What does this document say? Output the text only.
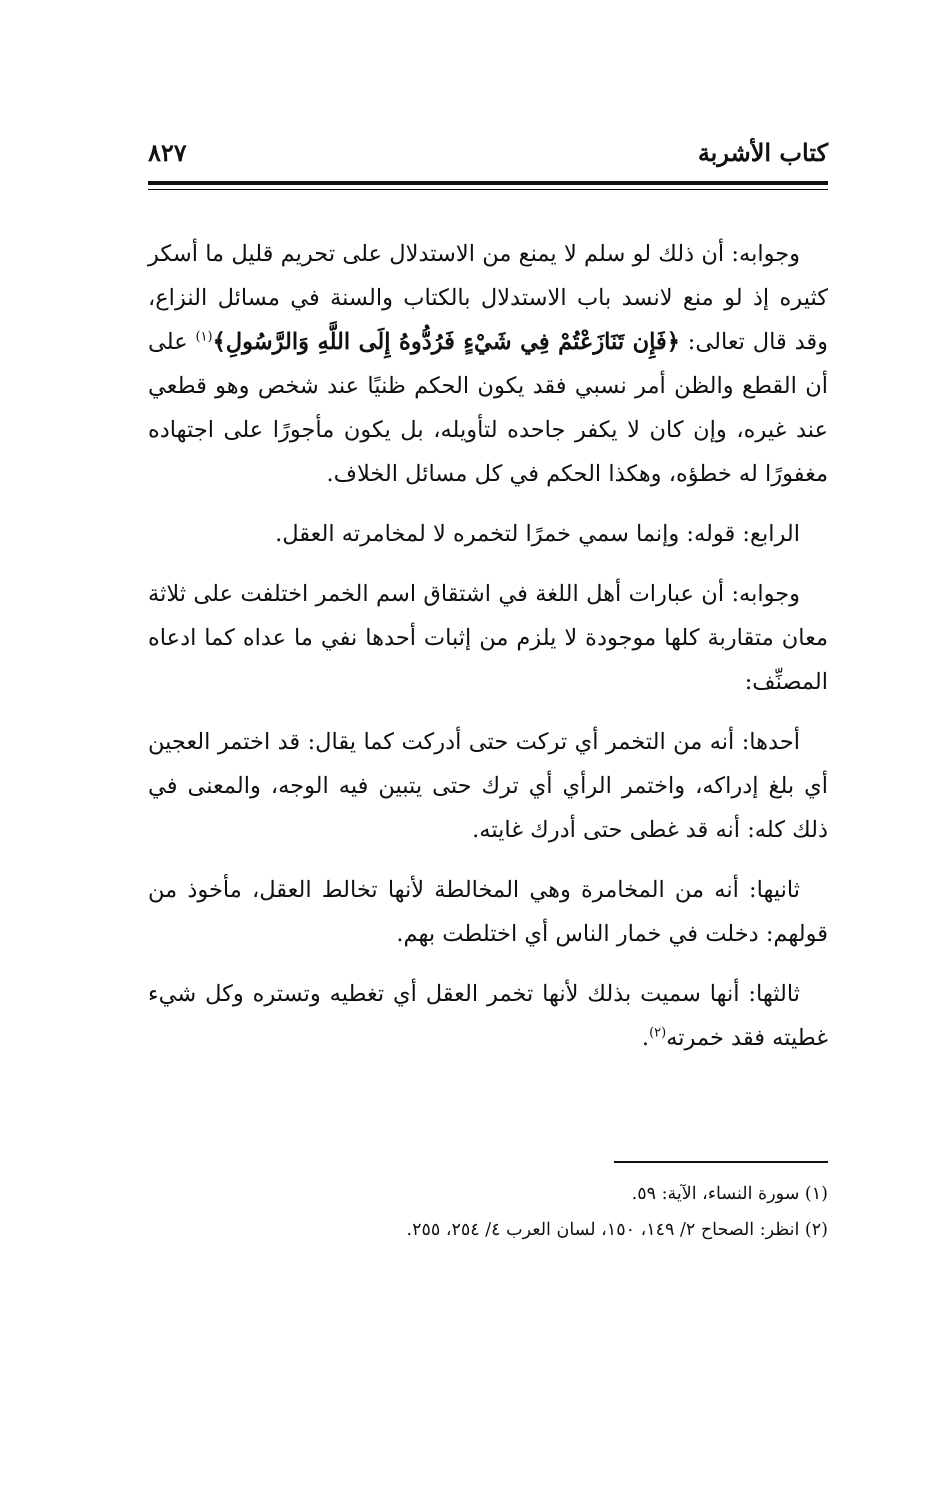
كتاب الأشربة
٨٢٧

وجوابه: أن ذلك لو سلم لا يمنع من الاستدلال على تحريم قليل ما أسكر كثيره إذ لو منع لانسد باب الاستدلال بالكتاب والسنة في مسائل النزاع، وقد قال تعالى: ﴿فَإِن تَنَازَعْتُمْ فِي شَيْءٍ فَرُدُّوهُ إِلَى اللَّهِ وَالرَّسُولِ﴾$^{(١)}$ على أن القطع والظن أمر نسبي فقد يكون الحكم ظنيًا عند شخص وهو قطعي عند غيره، وإن كان لا يكفر جاحده لتأويله، بل يكون مأجورًا على اجتهاده مغفورًا له خطؤه، وهكذا الحكم في كل مسائل الخلاف.

الرابع: قوله: وإنما سمي خمرًا لتخمره لا لمخامرته العقل.

وجوابه: أن عبارات أهل اللغة في اشتقاق اسم الخمر اختلفت على ثلاثة معان متقاربة كلها موجودة لا يلزم من إثبات أحدها نفي ما عداه كما ادعاه المصنِّف:

أحدها: أنه من التخمر أي تركت حتى أدركت كما يقال: قد اختمر العجين أي بلغ إدراكه، واختمر الرأي أي ترك حتى يتبين فيه الوجه، والمعنى في ذلك كله: أنه قد غطى حتى أدرك غايته.

ثانيها: أنه من المخامرة وهي المخالطة لأنها تخالط العقل، مأخوذ من قولهم: دخلت في خمار الناس أي اختلطت بهم.

ثالثها: أنها سميت بذلك لأنها تخمر العقل أي تغطيه وتستره وكل شيء غطيته فقد خمرته$^{(٢)}$.

(١) سورة النساء، الآية: ٥٩.

(٢) انظر: الصحاح ٢/ ١٤٩، ١٥٠، لسان العرب ٤/ ٢٥٤، ٢٥٥.
